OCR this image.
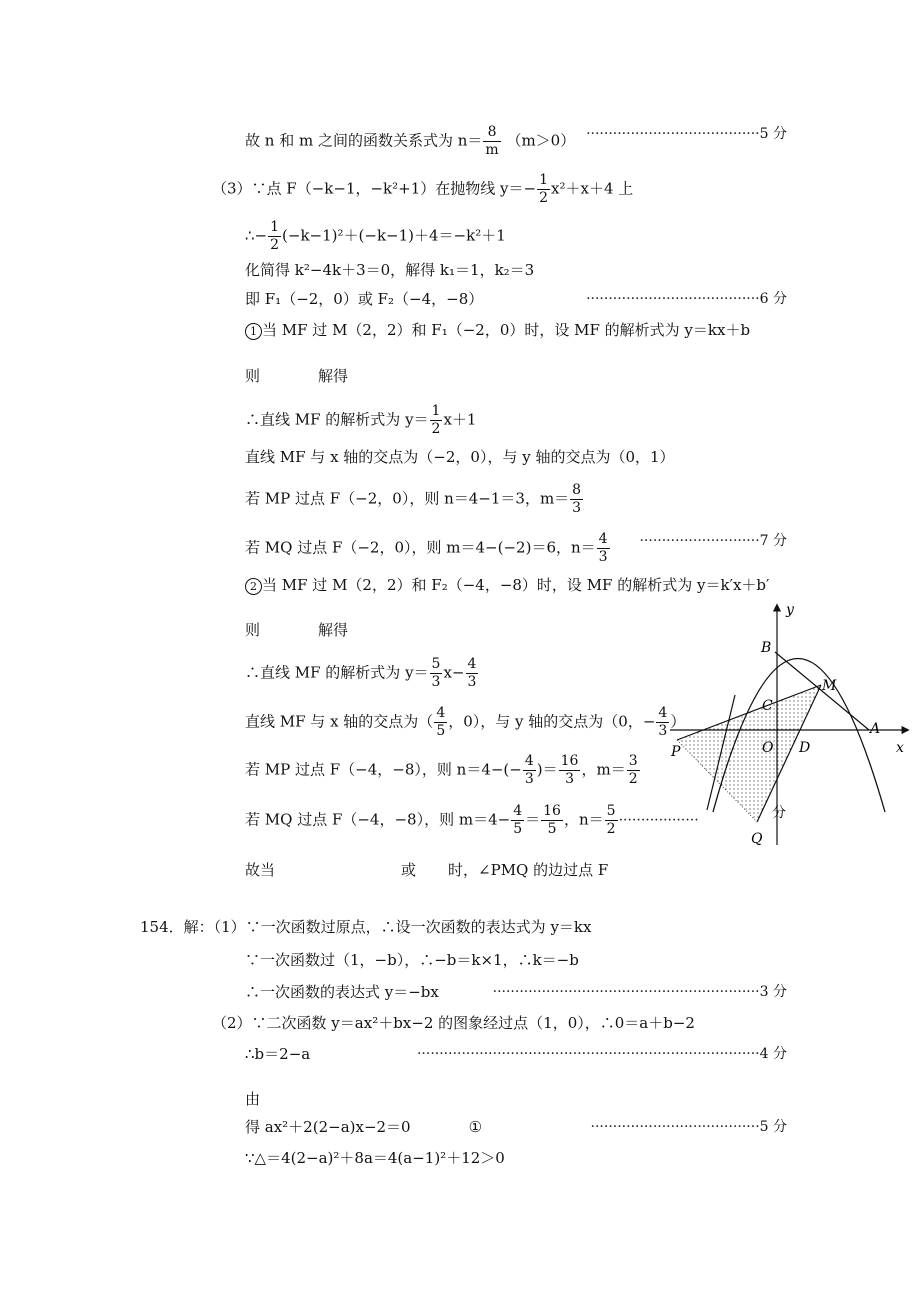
故 n 和 m 之间的函数关系式为 $n= \frac{8}{m} (m>0) \cdot\cdot\cdot\cdot\cdot\cdot\cdot\cdot\cdot\cdot\cdot\cdot\cdot\cdot\cdot\cdot\cdot\cdot\cdot\cdot\cdot\cdot\cdot\cdot\cdot\cdot\cdot\cdot\cdot\cdot\cdot\cdot\cdot\cdot\cdot\cdot\cdot\cdot\cdot 5$ 分
（3）∵点 F（−k−1，−k²+1）在抛物线 $y=- \frac{1}{2} x^2+x+4$ 上
∴− $\frac{1}{2} (-k-1)^2+(-k-1)+4=-k^2+1$
化简得 k²−4k＋3＝0，解得 k₁＝1，k₂＝3
即 F₁（−2，0）或 F₂（−4，−8）	·······································6 分
1 当 MF 过 M（2，2）和 F₁（−2，0）时，设 MF 的解析式为 y＝kx＋b
则	解得
∴直线 MF 的解析式为 $y= \frac{1}{2} x+1$
直线 MF 与 x 轴的交点为（−2，0），与 y 轴的交点为（0，1）
若 MP 过点 F（−2，0），则 n＝4−1＝3，$m= \frac{8}{3}$
若 MQ 过点 F（−2，0），则 m＝4−(−2)＝6，$n= \frac{4}{3} \cdot\cdot\cdot\cdot\cdot\cdot\cdot\cdot\cdot\cdot\cdot\cdot\cdot\cdot\cdot\cdot\cdot\cdot\cdot\cdot\cdot\cdot\cdot\cdot\cdot\cdot\cdot 7$ 分
2 当 MF 过 M（2，2）和 F₂（−4，−8）时，设 MF 的解析式为 y＝k′x＋b′
则	解得
∴直线 MF 的解析式为 $y= \frac{5}{3} x- \frac{4}{3}$
直线 MF 与 x 轴的交点为（ $\frac{4}{5}$ ，0），与 y 轴的交点为（0，− $\frac{4}{3}$ ）
若 MP 过点 F（−4，−8），则 $n=4-(- \frac{4}{3}$ )＝ $\frac{16}{3}$ ，$m= \frac{3}{2}$
若 MQ 过点 F（−4，−8），则 $m=4- \frac{4}{5} = \frac{16}{5}$ ，$n= \frac{5}{2}$ ··················	分
故当	或 时，∠PMQ 的边过点 F
154．解：（1）∵一次函数过原点，∴设一次函数的表达式为 y＝kx
∵一次函数过（1，−b），∴−b＝k×1，∴k＝−b
∴一次函数的表达式 y＝−bx	····························································3 分
（2）∵二次函数 y＝ax²＋bx−2 的图象经过点（1，0），∴0＝a＋b−2
∴b＝2−a	·············································································4 分
由
得 ax²＋2(2−a)x−2＝0	①	······································5 分
∵△＝4(2−a)²＋8a＝4(a−1)²＋12＞0
y
x
B
M
C
A
P	O D
Q
